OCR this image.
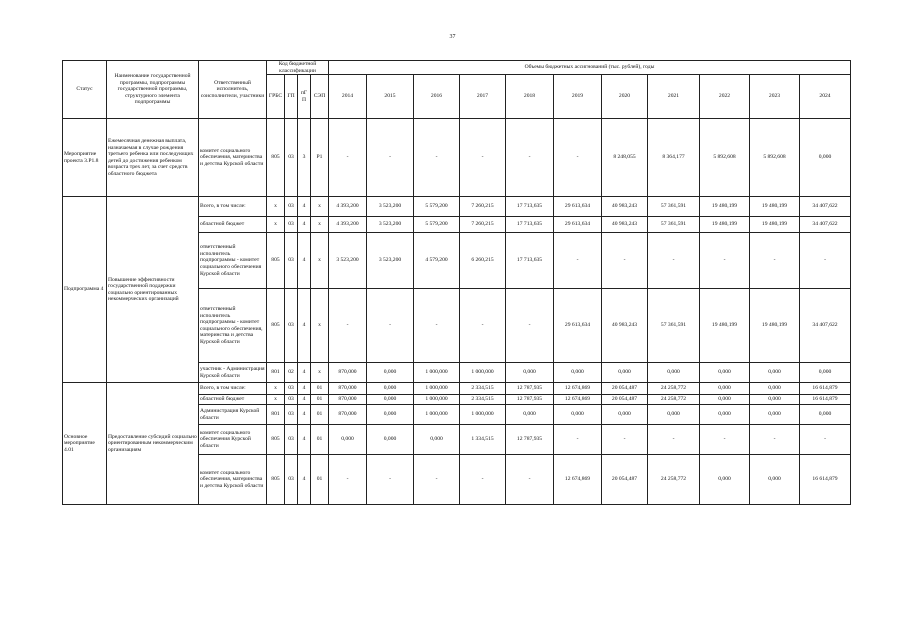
37
Статус	Наименование государственной программы, подпрограммы государственной программы, структурного элемента подпрограммы	Ответственный исполнитель, соисполнители, участники	Код бюджетной классификации				Объемы бюджетных ассигнований (тыс. рублей), годы										
			ГРБС	ГП	пГП	СЭП	2014	2015	2016	2017	2018	2019	2020	2021	2022	2023	2024
Мероприятие проекта 3.Р1.8	Ежемесячная денежная выплата, назначаемая в случае рождения третьего ребенка или последующих детей до достижения ребенком возраста трех лет, за счет средств областного бюджета	комитет социального обеспечения, материнства и детства Курской области	805	03	3	Р1	-	-	-	-	-	-	8 248,055	8 364,177	5 892,608	5 892,608	0,000
Подпрограмма 4	Повышение эффективности государственной поддержки социально ориентированных некоммерческих организаций	Всего, в том числе:	x	03	4	x	4 393,200	3 523,200	5 579,200	7 260,215	17 713,635	29 613,634	40 983,243	57 361,591	19 480,199	19 480,199	34 407,622
		областной бюджет	x	03	4	x	4 393,200	3 523,200	5 579,200	7 260,215	17 713,635	29 613,634	40 983,243	57 361,591	19 480,199	19 480,199	34 407,622
		ответственный исполнитель подпрограммы - комитет социального обеспечения Курской области	805	03	4	x	3 523,200	3 523,200	4 579,200	6 260,215	17 713,635	-	-	-	-	-	-
		ответственный исполнитель подпрограммы - комитет социального обеспечения, материнства и детства Курской области	805	03	4	x	-	-	-	-	-	29 613,634	40 983,243	57 361,591	19 480,199	19 480,199	34 407,622
		участник - Администрация Курской области	801	02	4	x	870,000	0,000	1 000,000	1 000,000	0,000	0,000	0,000	0,000	0,000	0,000	0,000
Основное мероприятие 4.01	Предоставление субсидий социально ориентированным некоммерческим организациям	Всего, в том числе:	x	03	4	01	870,000	0,000	1 000,000	2 334,515	12 787,935	12 674,869	20 054,487	24 258,772	0,000	0,000	16 614,879
		областной бюджет	x	03	4	01	870,000	0,000	1 000,000	2 334,515	12 787,935	12 674,869	20 054,487	24 258,772	0,000	0,000	16 614,879
		Администрация Курской области	801	03	4	01	870,000	0,000	1 000,000	1 000,000	0,000	0,000	0,000	0,000	0,000	0,000	0,000
		комитет социального обеспечения Курской области	805	03	4	01	0,000	0,000	0,000	1 334,515	12 787,935	-	-	-	-	-	-
		комитет социального обеспечения, материнства и детства Курской области	805	03	4	01	-	-	-	-	-	12 674,869	20 054,487	24 258,772	0,000	0,000	16 614,879
